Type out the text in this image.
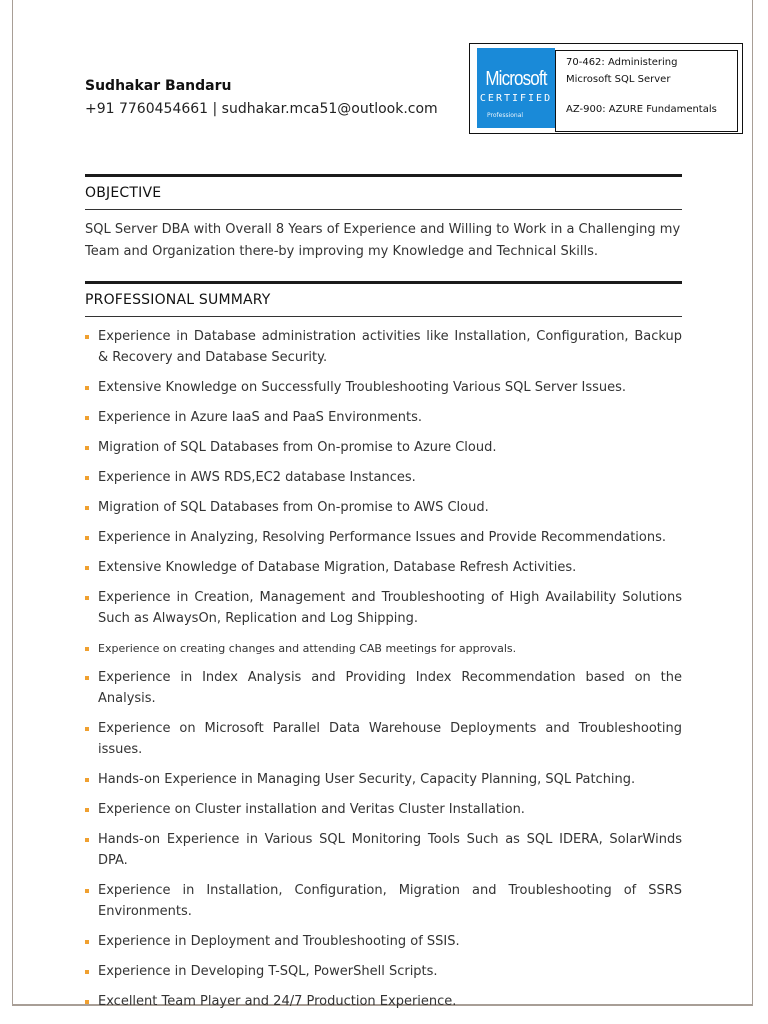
Sudhakar Bandaru
+91 7760454661 | sudhakar.mca51@outlook.com
Microsoft
CERTIFIED
Professional
70-462: Administering
Microsoft SQL Server
AZ-900: AZURE Fundamentals
OBJECTIVE
SQL Server DBA with Overall 8 Years of Experience and Willing to Work in a Challenging my Team and Organization there-by improving my Knowledge and Technical Skills.
PROFESSIONAL SUMMARY
Experience in Database administration activities like Installation, Configuration, Backup & Recovery and Database Security.
Extensive Knowledge on Successfully Troubleshooting Various SQL Server Issues.
Experience in Azure IaaS and PaaS Environments.
Migration of SQL Databases from On-promise to Azure Cloud.
Experience in AWS RDS,EC2 database Instances.
Migration of SQL Databases from On-promise to AWS Cloud.
Experience in Analyzing, Resolving Performance Issues and Provide Recommendations.
Extensive Knowledge of Database Migration, Database Refresh Activities.
Experience in Creation, Management and Troubleshooting of High Availability Solutions Such as AlwaysOn, Replication and Log Shipping.
Experience on creating changes and attending CAB meetings for approvals.
Experience in Index Analysis and Providing Index Recommendation based on the Analysis.
Experience on Microsoft Parallel Data Warehouse Deployments and Troubleshooting issues.
Hands-on Experience in Managing User Security, Capacity Planning, SQL Patching.
Experience on Cluster installation and Veritas Cluster Installation.
Hands-on Experience in Various SQL Monitoring Tools Such as SQL IDERA, SolarWinds DPA.
Experience in Installation, Configuration, Migration and Troubleshooting of SSRS Environments.
Experience in Deployment and Troubleshooting of SSIS.
Experience in Developing T-SQL, PowerShell Scripts.
Excellent Team Player and 24/7 Production Experience.
